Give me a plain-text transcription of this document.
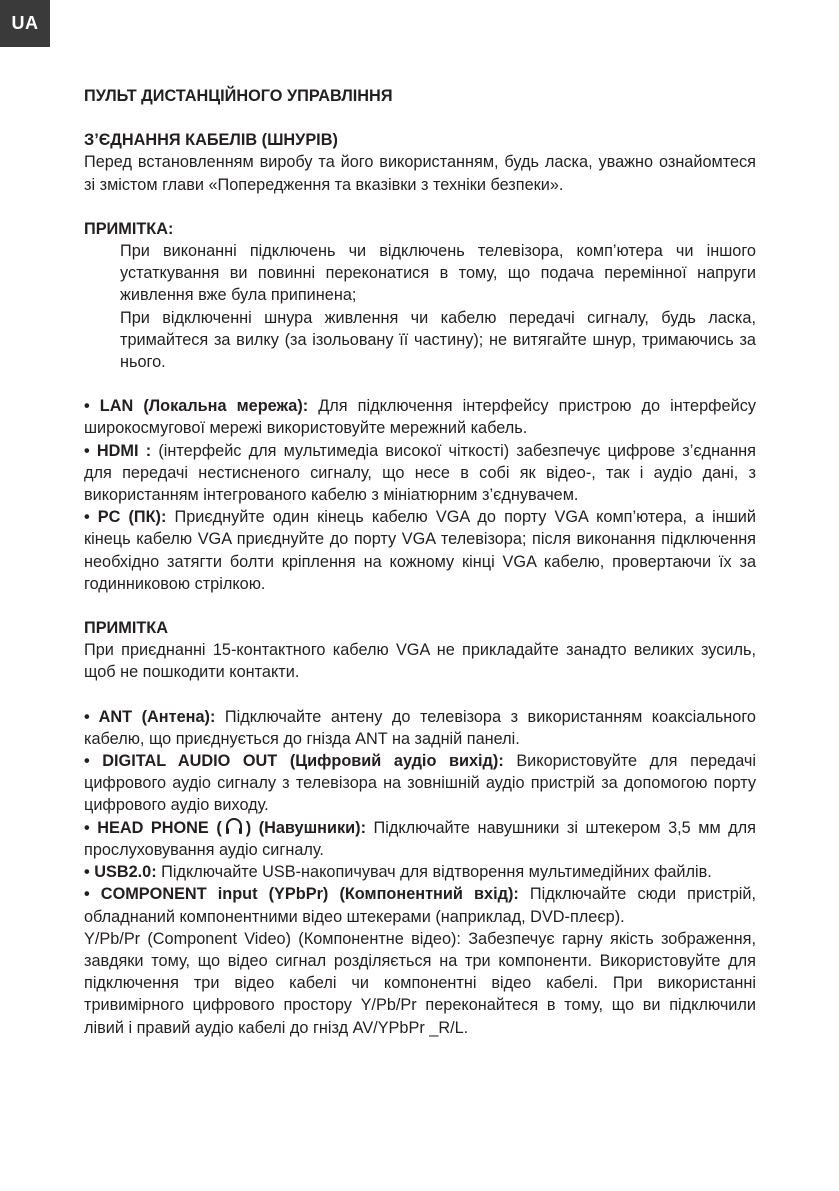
UA
ПУЛЬТ ДИСТАНЦІЙНОГО УПРАВЛІННЯ
З’ЄДНАННЯ КАБЕЛІВ (ШНУРІВ)

Перед встановленням виробу та його використанням, будь ласка, уважно ознайомтеся зі змістом глави «Попередження та вказівки з техніки безпеки».

ПРИМІТКА:

При виконанні підключень чи відключень телевізора, комп’ютера чи іншого устаткування ви повинні переконатися в тому, що подача перемінної напруги живлення вже була припинена;

При відключенні шнура живлення чи кабелю передачі сигналу, будь ласка, тримайтеся за вилку (за ізольовану її частину); не витягайте шнур, тримаючись за нього.

• LAN (Локальна мережа): Для підключення інтерфейсу пристрою до інтерфейсу широкосмугової мережі використовуйте мережний кабель.

• HDMI : (інтерфейс для мультимедіа високої чіткості) забезпечує цифрове з’єднання для передачі нестисненого сигналу, що несе в собі як відео-, так і аудіо дані, з використанням інтегрованого кабелю з мініатюрним з’єднувачем.

• PC (ПК): Приєднуйте один кінець кабелю VGA до порту VGA комп’ютера, а інший кінець кабелю VGA приєднуйте до порту VGA телевізора; після виконання підключення необхідно затягти болти кріплення на кожному кінці VGA кабелю, провертаючи їх за годинниковою стрілкою.

ПРИМІТКА

При приєднанні 15-контактного кабелю VGA не прикладайте занадто великих зусиль, щоб не пошкодити контакти.

• ANT (Антена): Підключайте антену до телевізора з використанням коаксіального кабелю, що приєднується до гнізда ANT на задній панелі.

• DIGITAL AUDIO OUT (Цифровий аудіо вихід): Використовуйте для передачі цифрового аудіо сигналу з телевізора на зовнішній аудіо пристрій за допомогою порту цифрового аудіо виходу.

• HEAD PHONE ( ) (Навушники): Підключайте навушники зі штекером 3,5 мм для прослуховування аудіо сигналу.

• USB2.0: Підключайте USB-накопичувач для відтворення мультимедійних файлів.

• COMPONENT input (YPbPr) (Компонентний вхід): Підключайте сюди пристрій, обладнаний компонентними відео штекерами (наприклад, DVD-плеєр).

Y/Pb/Pr (Component Video) (Компонентне відео): Забезпечує гарну якість зображення, завдяки тому, що відео сигнал розділяється на три компоненти. Використовуйте для підключення три відео кабелі чи компонентні відео кабелі. При використанні тривимірного цифрового простору Y/Pb/Pr переконайтеся в тому, що ви підключили лівий і правий аудіо кабелі до гнізд AV/YPbPr _R/L.
